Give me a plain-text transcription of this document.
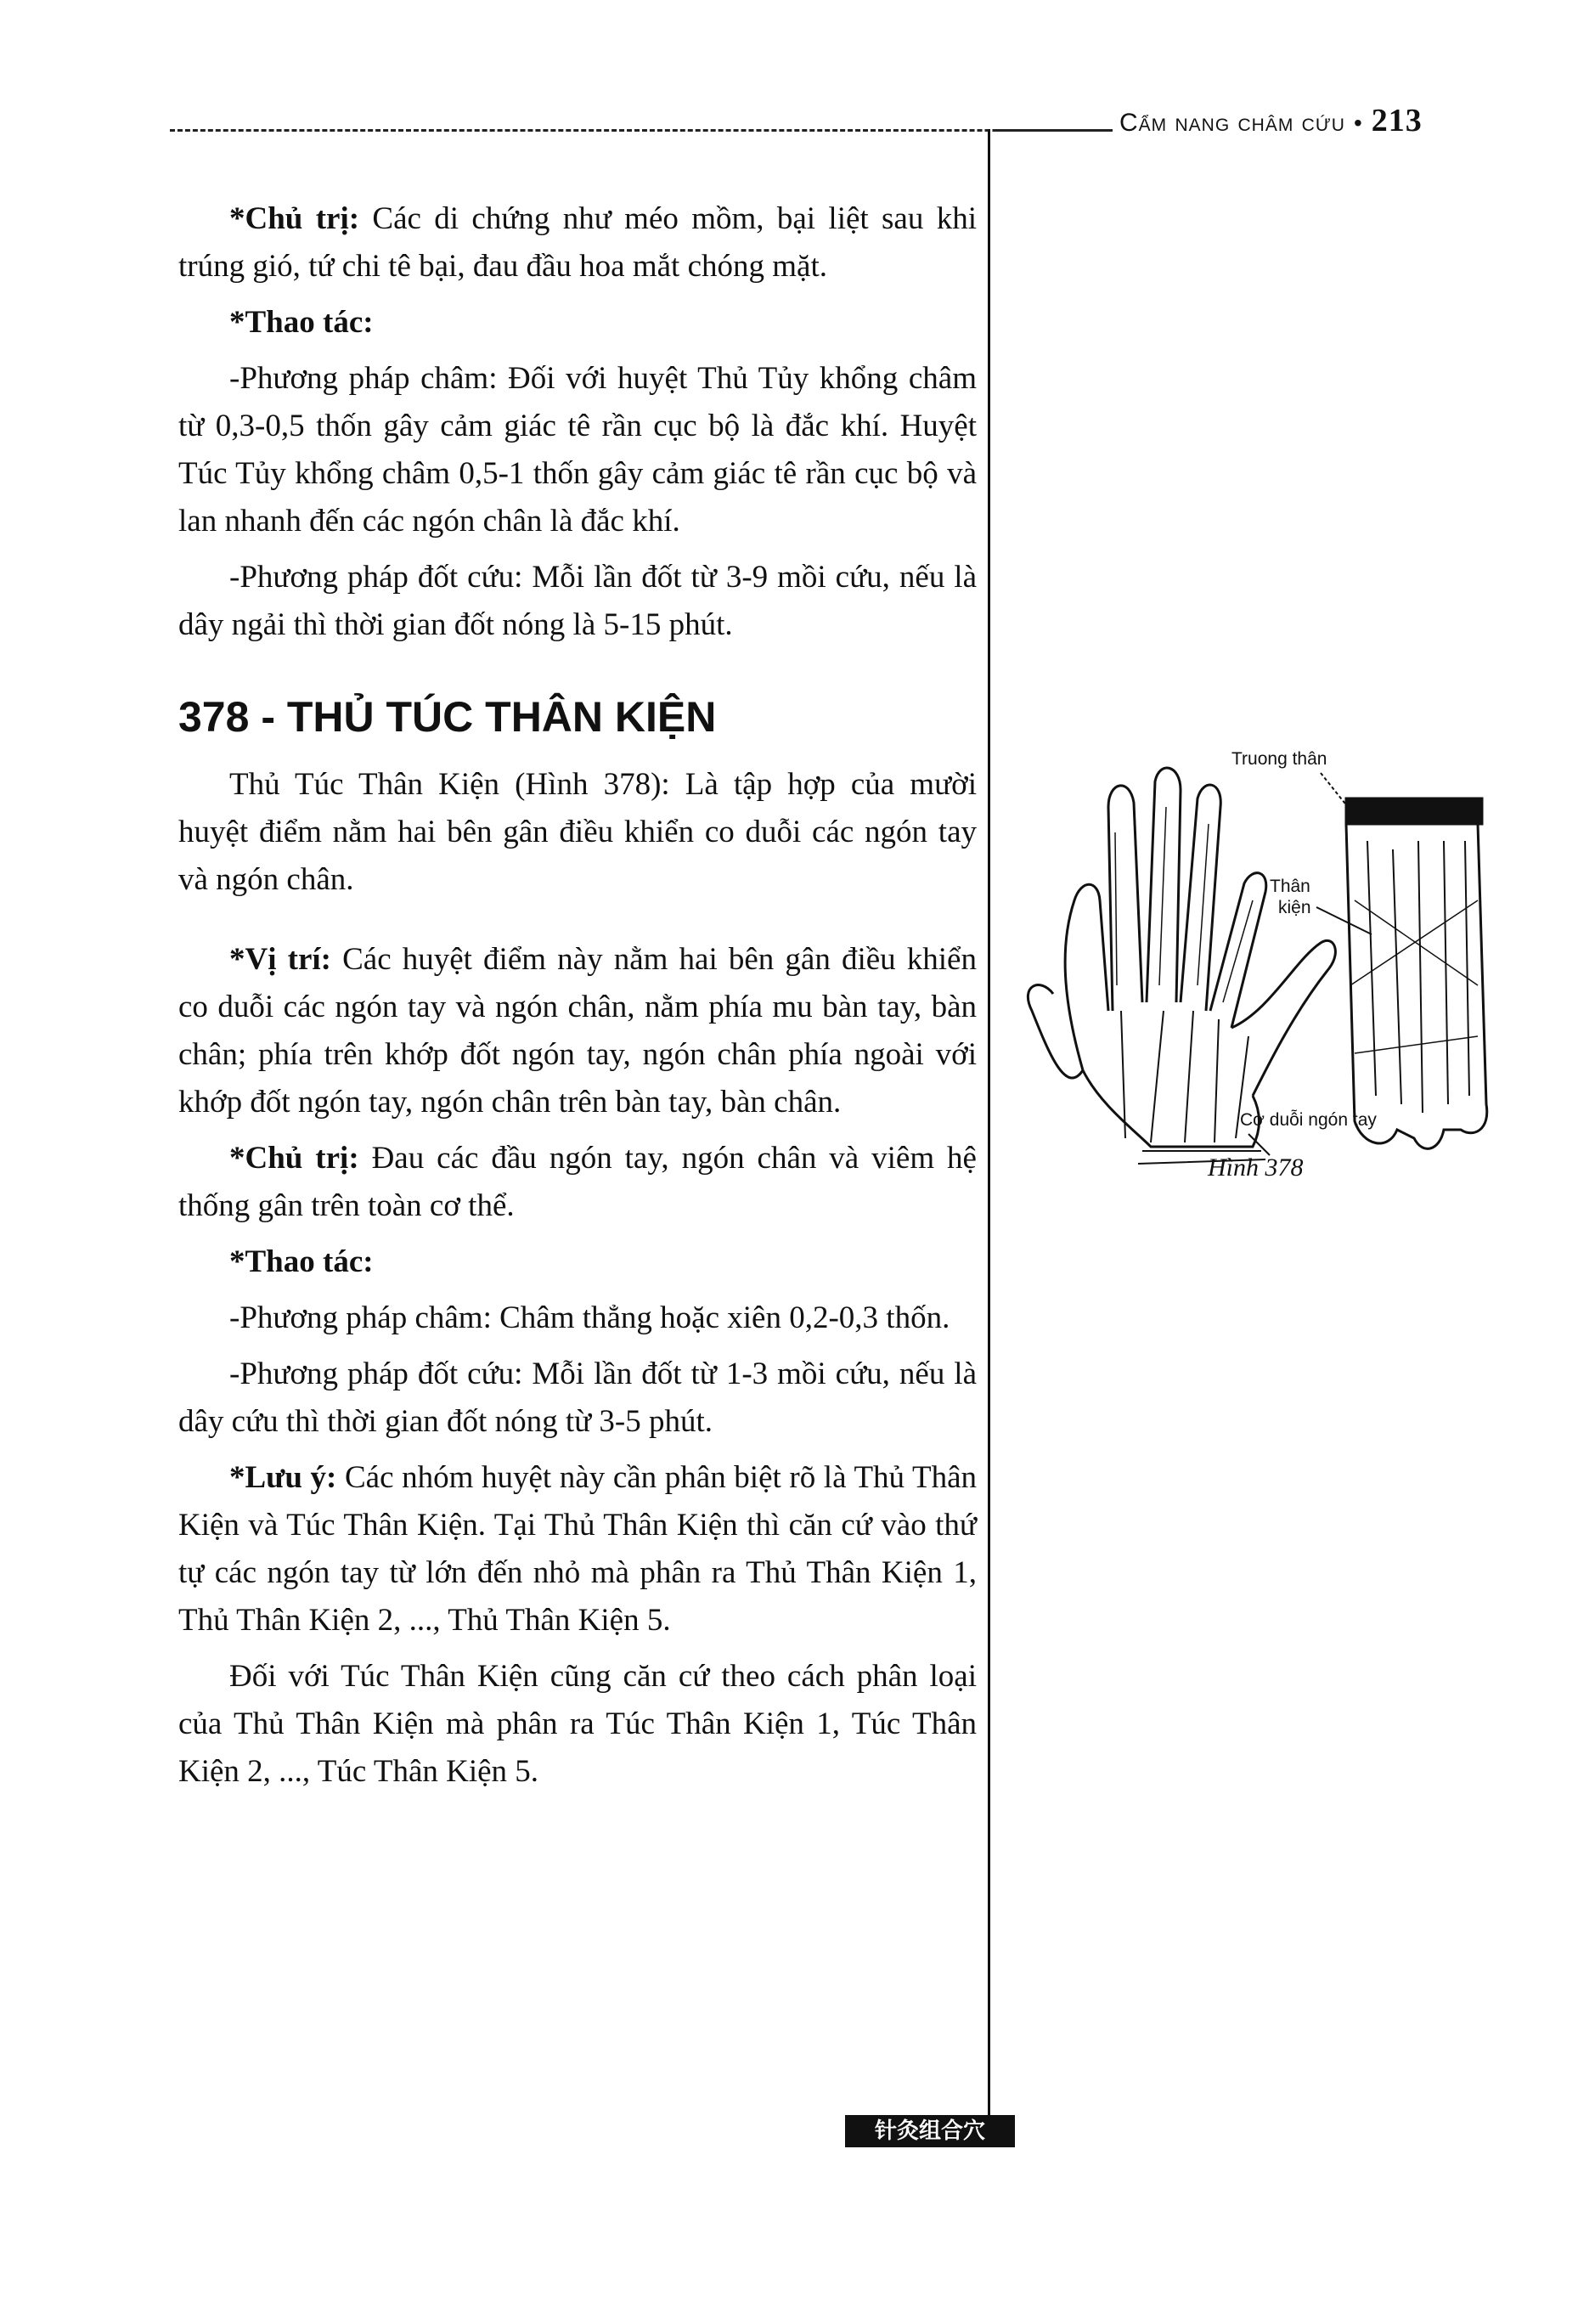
Cẩm nang châm cứu • 213

*Chủ trị: Các di chứng như méo mồm, bại liệt sau khi trúng gió, tứ chi tê bại, đau đầu hoa mắt chóng mặt.

*Thao tác:

-Phương pháp châm: Đối với huyệt Thủ Tủy khổng châm từ 0,3-0,5 thốn gây cảm giác tê rần cục bộ là đắc khí. Huyệt Túc Tủy khổng châm 0,5-1 thốn gây cảm giác tê rần cục bộ và lan nhanh đến các ngón chân là đắc khí.

-Phương pháp đốt cứu: Mỗi lần đốt từ 3-9 mồi cứu, nếu là dây ngải thì thời gian đốt nóng là 5-15 phút.

378 - THỦ TÚC THÂN KIỆN

Thủ Túc Thân Kiện (Hình 378): Là tập hợp của mười huyệt điểm nằm hai bên gân điều khiển co duỗi các ngón tay và ngón chân.

*Vị trí: Các huyệt điểm này nằm hai bên gân điều khiển co duỗi các ngón tay và ngón chân, nằm phía mu bàn tay, bàn chân; phía trên khớp đốt ngón tay, ngón chân phía ngoài với khớp đốt ngón tay, ngón chân trên bàn tay, bàn chân.

*Chủ trị: Đau các đầu ngón tay, ngón chân và viêm hệ thống gân trên toàn cơ thể.

*Thao tác:

-Phương pháp châm: Châm thẳng hoặc xiên 0,2-0,3 thốn.

-Phương pháp đốt cứu: Mỗi lần đốt từ 1-3 mồi cứu, nếu là dây cứu thì thời gian đốt nóng từ 3-5 phút.

*Lưu ý: Các nhóm huyệt này cần phân biệt rõ là Thủ Thân Kiện và Túc Thân Kiện. Tại Thủ Thân Kiện thì căn cứ vào thứ tự các ngón tay từ lớn đến nhỏ mà phân ra Thủ Thân Kiện 1, Thủ Thân Kiện 2, ..., Thủ Thân Kiện 5.

Đối với Túc Thân Kiện cũng căn cứ theo cách phân loại của Thủ Thân Kiện mà phân ra Túc Thân Kiện 1, Túc Thân Kiện 2, ..., Túc Thân Kiện 5.

Truong thân
Thân
kiện
Cơ duỗi ngón tay
Hình 378
针灸组合穴
